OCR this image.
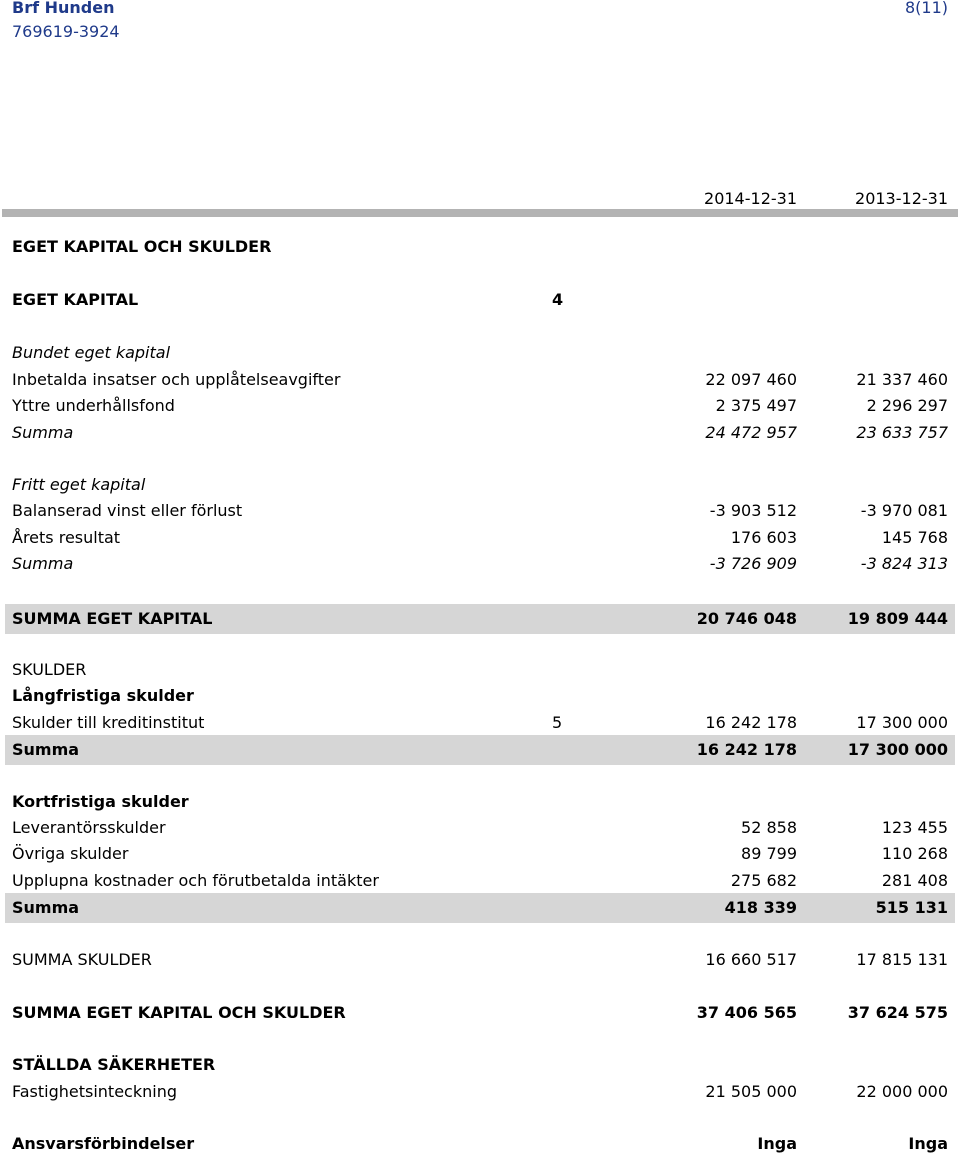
Brf Hunden
769619-3924
8(11)
2014-12-31	2013-12-31
EGET KAPITAL OCH SKULDER
EGET KAPITAL	4
Bundet eget kapital
Inbetalda insatser och upplåtelseavgifter	22 097 460	21 337 460
Yttre underhållsfond	2 375 497	2 296 297
Summa	24 472 957	23 633 757
Fritt eget kapital
Balanserad vinst eller förlust	-3 903 512	-3 970 081
Årets resultat	176 603	145 768
Summa	-3 726 909	-3 824 313
SUMMA EGET KAPITAL	20 746 048	19 809 444
SKULDER
Långfristiga skulder
Skulder till kreditinstitut	5	16 242 178	17 300 000
Summa	16 242 178	17 300 000
Kortfristiga skulder
Leverantörsskulder	52 858	123 455
Övriga skulder	89 799	110 268
Upplupna kostnader och förutbetalda intäkter	275 682	281 408
Summa	418 339	515 131
SUMMA SKULDER	16 660 517	17 815 131
SUMMA EGET KAPITAL OCH SKULDER	37 406 565	37 624 575
STÄLLDA SÄKERHETER
Fastighetsinteckning	21 505 000	22 000 000
Ansvarsförbindelser	Inga	Inga
